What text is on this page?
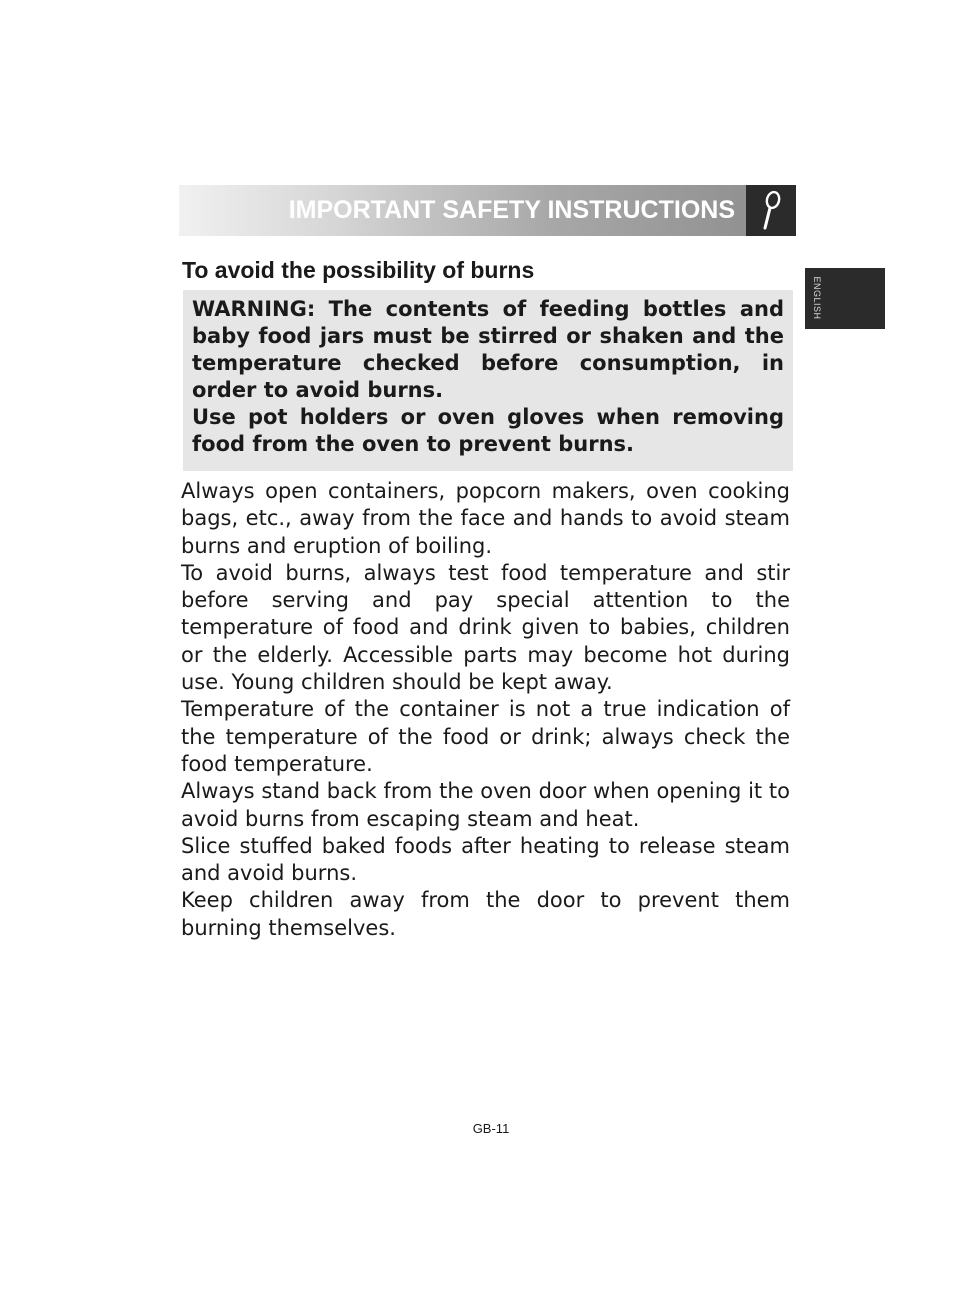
IMPORTANT SAFETY INSTRUCTIONS
ENGLISH
To avoid the possibility of burns

WARNING: The contents of feeding bottles and baby food jars must be stirred or shaken and the temperature checked before consumption, in order to avoid burns.

Use pot holders or oven gloves when removing food from the oven to prevent burns.

Always open containers, popcorn makers, oven cooking bags, etc., away from the face and hands to avoid steam burns and eruption of boiling.

To avoid burns, always test food temperature and stir before serving and pay special attention to the temperature of food and drink given to babies, children or the elderly. Accessible parts may become hot during use. Young children should be kept away.

Temperature of the container is not a true indication of the temperature of the food or drink; always check the food temperature.

Always stand back from the oven door when opening it to avoid burns from escaping steam and heat.

Slice stuffed baked foods after heating to release steam and avoid burns.

Keep children away from the door to prevent them burning themselves.

GB-11
